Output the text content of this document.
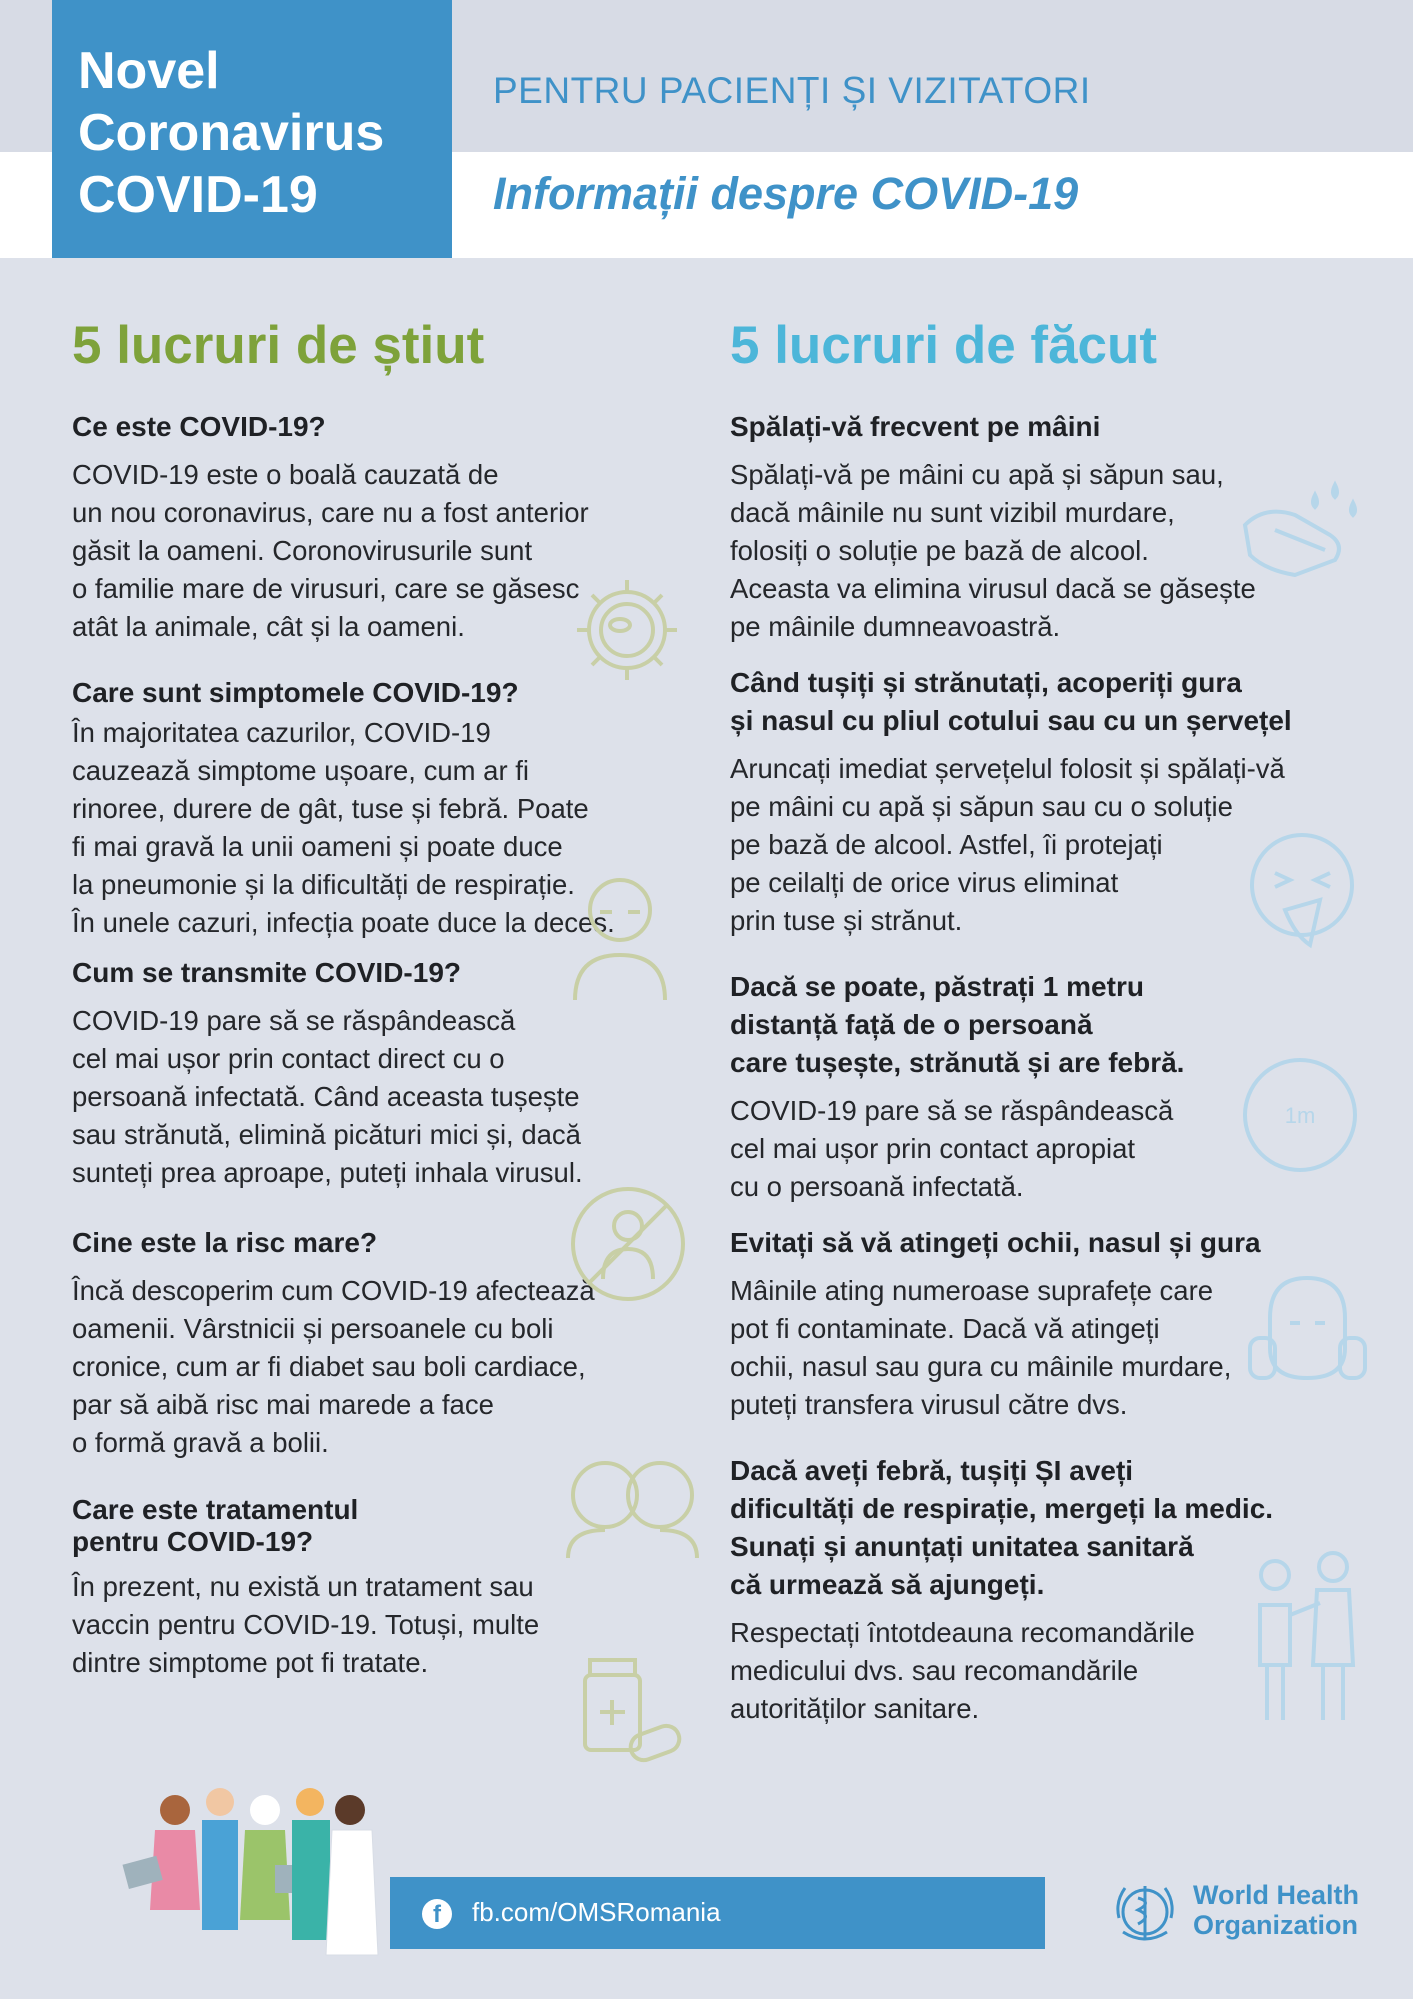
Novel
Coronavirus
COVID-19
PENTRU PACIENȚI ȘI VIZITATORI
Informații despre COVID-19
5 lucruri de știut
Ce este COVID-19?
COVID-19 este o boală cauzată de
un nou coronavirus, care nu a fost anterior
găsit la oameni. Coronovirusurile sunt
o familie mare de virusuri, care se găsesc
atât la animale, cât și la oameni.
Care sunt simptomele COVID-19?
În majoritatea cazurilor, COVID-19
cauzează simptome ușoare, cum ar fi
rinoree, durere de gât, tuse și febră. Poate
fi mai gravă la unii oameni și poate duce
la pneumonie și la dificultăți de respirație.
În unele cazuri, infecția poate duce la deces.
Cum se transmite COVID-19?
COVID-19 pare să se răspândească
cel mai ușor prin contact direct cu o
persoană infectată. Când aceasta tușește
sau strănută, elimină picături mici și, dacă
sunteți prea aproape, puteți inhala virusul.
Cine este la risc mare?
Încă descoperim cum COVID-19 afectează
oamenii. Vârstnicii și persoanele cu boli
cronice, cum ar fi diabet sau boli cardiace,
par să aibă risc mai marede a face
o formă gravă a bolii.
Care este tratamentul
pentru COVID-19?
În prezent, nu există un tratament sau
vaccin pentru COVID-19. Totuși, multe
dintre simptome pot fi tratate.
5 lucruri de făcut
Spălați-vă frecvent pe mâini
Spălați-vă pe mâini cu apă și săpun sau,
dacă mâinile nu sunt vizibil murdare,
folosiți o soluție pe bază de alcool.
Aceasta va elimina virusul dacă se găsește
pe mâinile dumneavoastră.
Când tușiți și strănutați, acoperiți gura
și nasul cu pliul cotului sau cu un șervețel
Aruncați imediat șervețelul folosit și spălați-vă
pe mâini cu apă și săpun sau cu o soluție
pe bază de alcool. Astfel, îi protejați
pe ceilalți de orice virus eliminat
prin tuse și strănut.
Dacă se poate, păstrați 1 metru
distanță față de o persoană
care tușește, strănută și are febră.
COVID-19 pare să se răspândească
cel mai ușor prin contact apropiat
cu o persoană infectată.
Evitați să vă atingeți ochii, nasul și gura
Mâinile ating numeroase suprafețe care
pot fi contaminate. Dacă vă atingeți
ochii, nasul sau gura cu mâinile murdare,
puteți transfera virusul către dvs.
Dacă aveți febră, tușiți ȘI aveți
dificultăți de respirație, mergeți la medic.
Sunați și anunțați unitatea sanitară
că urmează să ajungeți.
Respectați întotdeauna recomandările
medicului dvs. sau recomandările
autorităților sanitare.
1m
f	fb.com/OMSRomania
World Health
Organization
